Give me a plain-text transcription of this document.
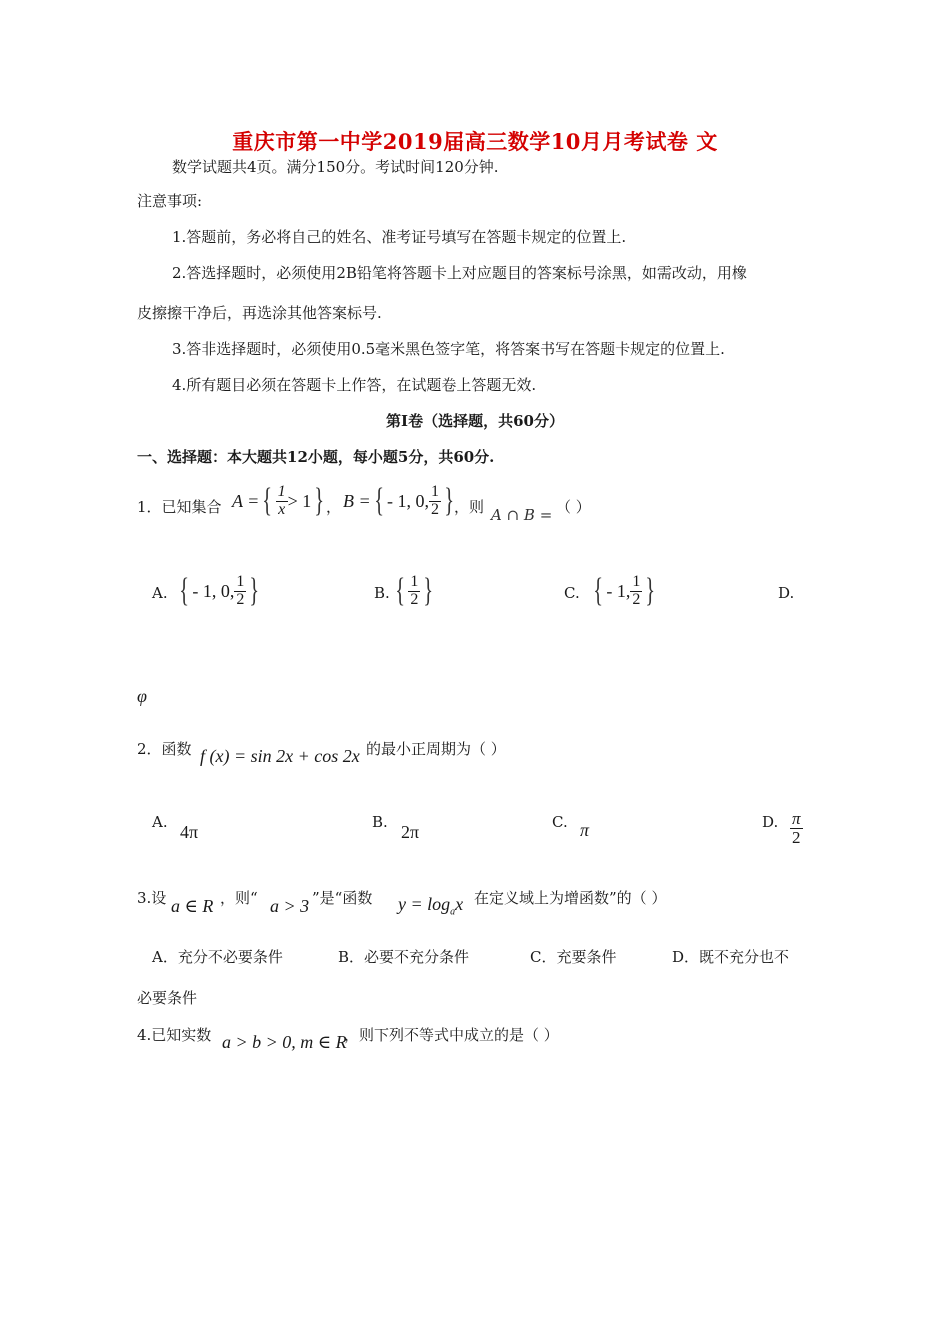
重庆市第一中学2019届高三数学10月月考试卷 文
数学试题共4页。满分150分。考试时间120分钟.
注意事项:
1.答题前，务必将自己的姓名、准考证号填写在答题卡规定的位置上.
2.答选择题时，必须使用2B铅笔将答题卡上对应题目的答案标号涂黑，如需改动，用橡
皮擦擦干净后，再选涂其他答案标号.
3.答非选择题时，必须使用0.5毫米黑色签字笔，将答案书写在答题卡规定的位置上.
4.所有题目必须在答题卡上作答，在试题卷上答题无效.
第Ⅰ卷（选择题，共60分）
一、选择题：本大题共12小题，每小题5分，共60分.
1．已知集合 A = { $\frac{1}{x} > 1$ } ， B = { - 1, 0, $\frac{1}{2}$ } ，则 A ∩ B = （ ）
A. { - 1, 0, $\frac{1}{2}$ }	B. { $\frac{1}{2}$ }	C. { - 1, $\frac{1}{2}$ }	D.
φ
2．函数 f (x) = sin 2x + cos 2x 的最小正周期为（ ）
A. 4π	B. 2π	C. π	D. $\frac{\pi}{2}$
3.设 a ∈ R ，则“ a > 3 ”是“函数 $y = \log_ax$ 在定义域上为增函数”的（ ）
A．充分不必要条件	B．必要不充分条件	C．充要条件	D．既不充分也不
必要条件
4.已知实数 a > b > 0, m ∈ R
，则下列不等式中成立的是（ ）
